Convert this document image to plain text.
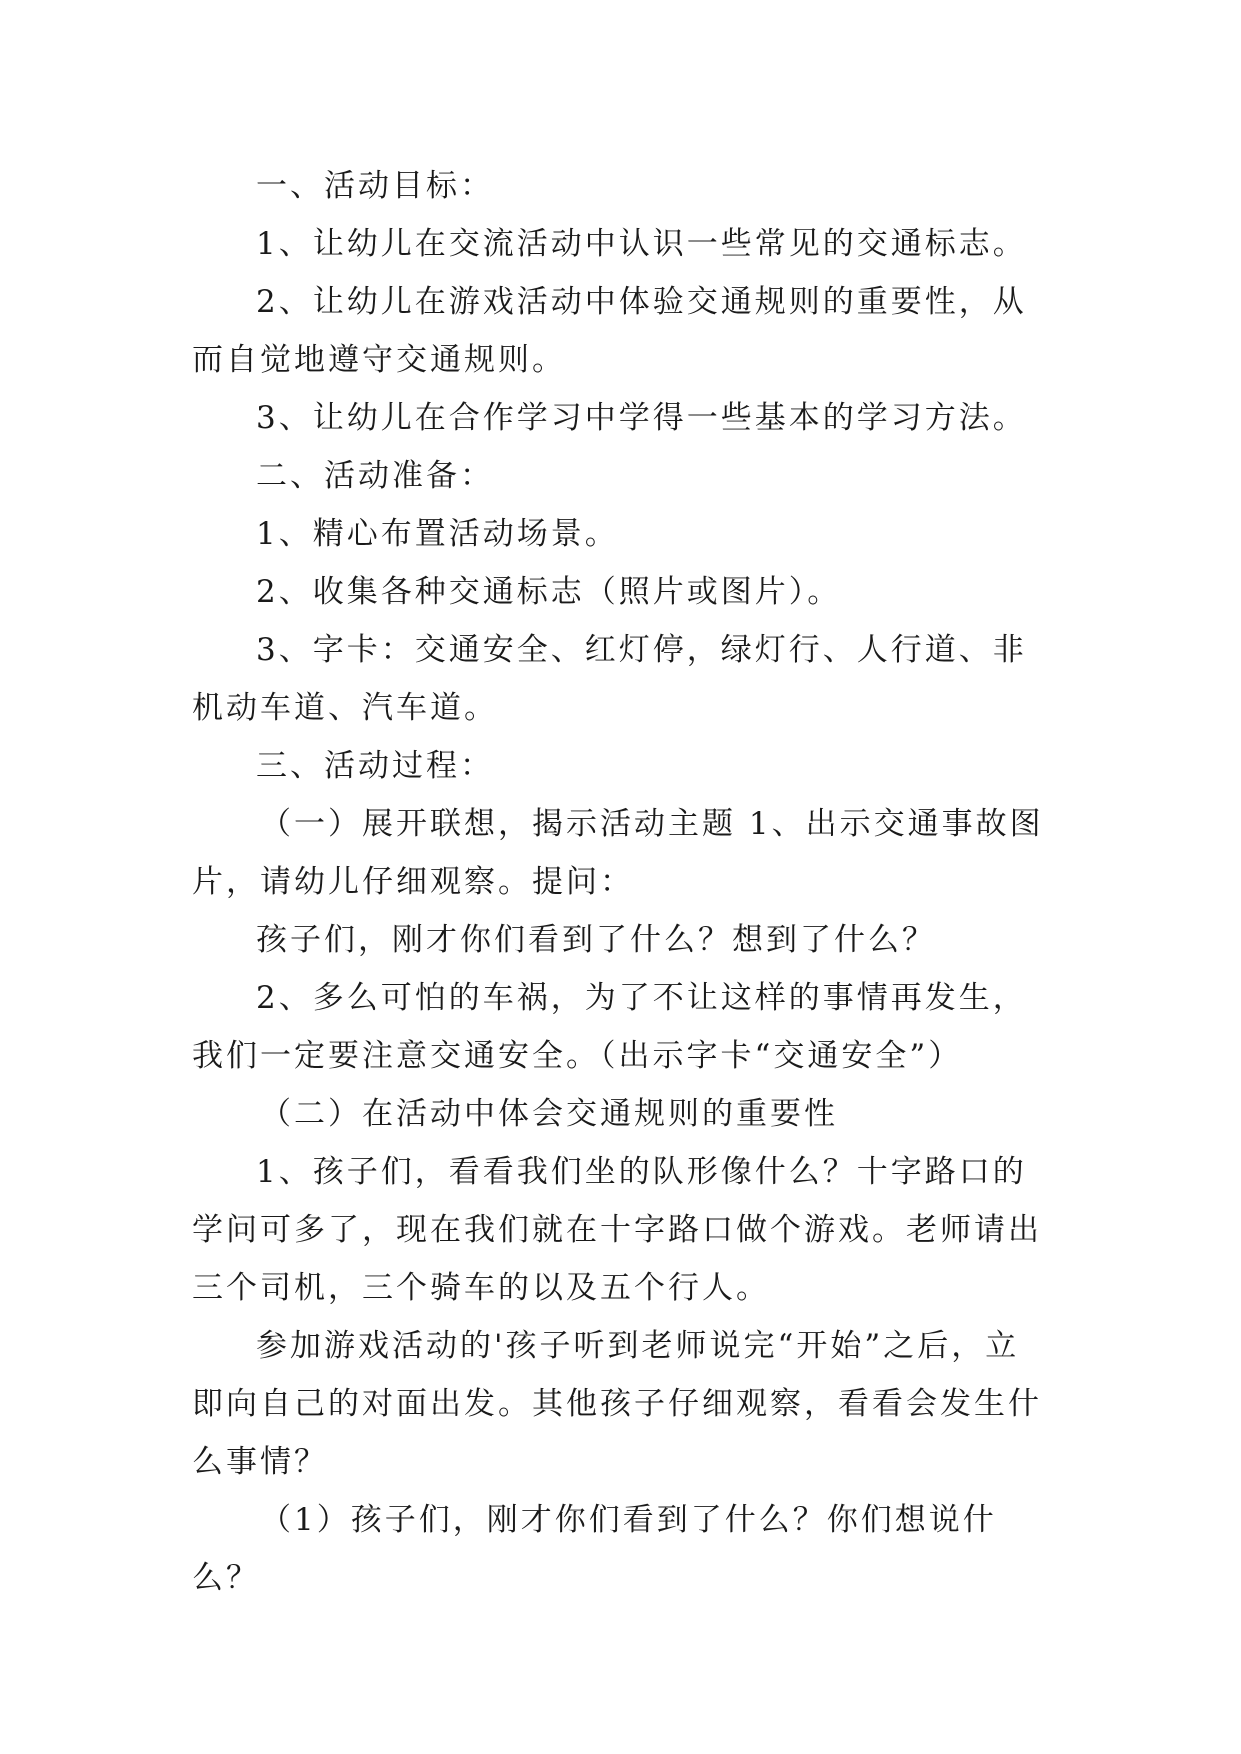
一、活动目标：

1、让幼儿在交流活动中认识一些常见的交通标志。

2、让幼儿在游戏活动中体验交通规则的重要性，从而自觉地遵守交通规则。

3、让幼儿在合作学习中学得一些基本的学习方法。

二、活动准备：

1、精心布置活动场景。

2、收集各种交通标志（照片或图片）。

3、字卡：交通安全、红灯停，绿灯行、人行道、非机动车道、汽车道。

三、活动过程：

（一）展开联想，揭示活动主题 1、出示交通事故图片，请幼儿仔细观察。提问：

孩子们，刚才你们看到了什么？想到了什么？

2、多么可怕的车祸，为了不让这样的事情再发生，我们一定要注意交通安全。（出示字卡“交通安全”）

（二）在活动中体会交通规则的重要性

1、孩子们，看看我们坐的队形像什么？十字路口的学问可多了，现在我们就在十字路口做个游戏。老师请出三个司机，三个骑车的以及五个行人。

参加游戏活动的'孩子听到老师说完“开始”之后，立即向自己的对面出发。其他孩子仔细观察，看看会发生什么事情？

（1）孩子们，刚才你们看到了什么？你们想说什么？
